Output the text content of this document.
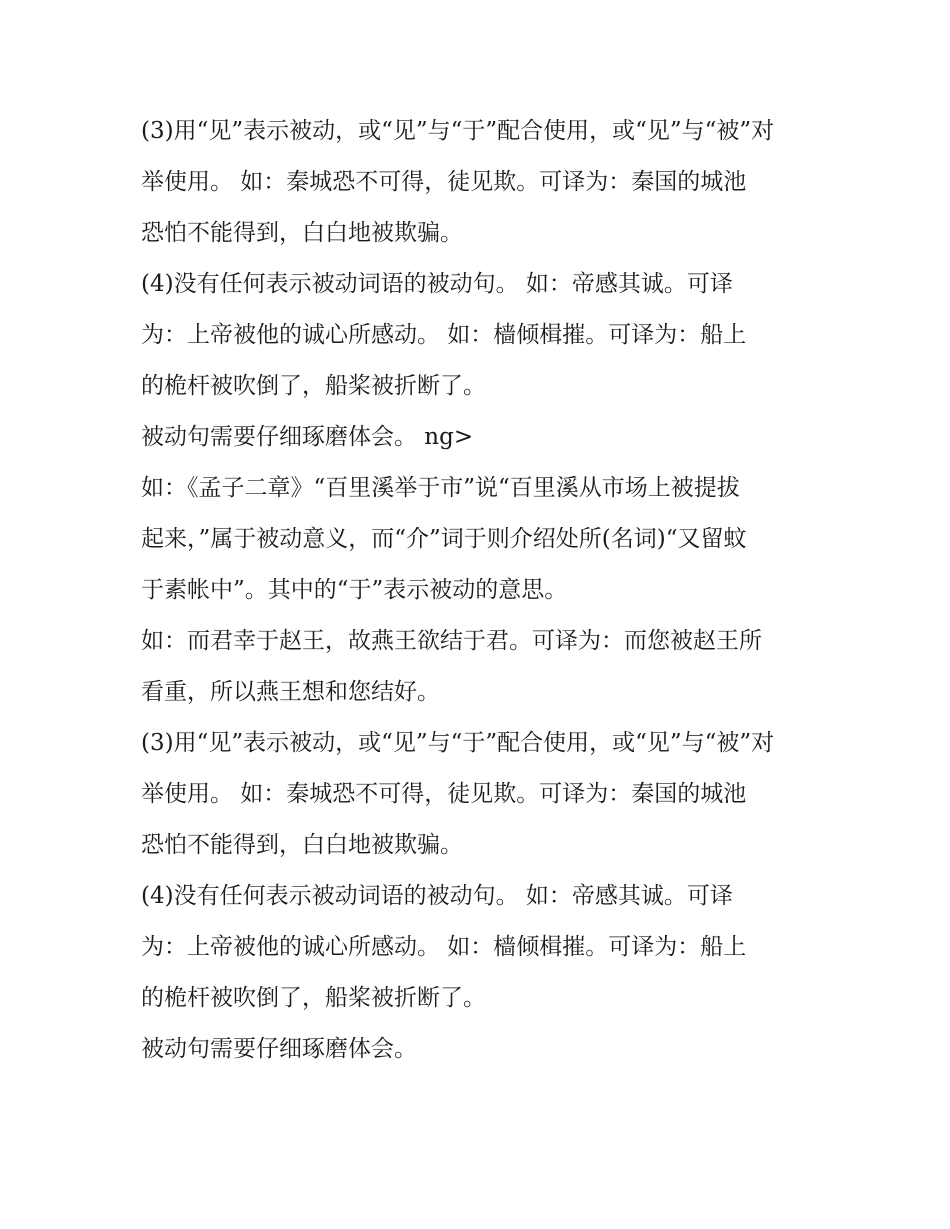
(3)用“见”表示被动，或“见”与“于”配合使用，或“见”与“被”对
举使用。 如：秦城恐不可得，徒见欺。可译为：秦国的城池
恐怕不能得到，白白地被欺骗。
(4)没有任何表示被动词语的被动句。 如：帝感其诚。可译
为：上帝被他的诚心所感动。 如：樯倾楫摧。可译为：船上
的桅杆被吹倒了，船桨被折断了。
被动句需要仔细琢磨体会。 ng>
如：《孟子二章》“百里溪举于市”说“百里溪从市场上被提拔
起来，”属于被动意义，而“介”词于则介绍处所(名词)“又留蚊
于素帐中”。其中的“于”表示被动的意思。
如：而君幸于赵王，故燕王欲结于君。可译为：而您被赵王所
看重，所以燕王想和您结好。
(3)用“见”表示被动，或“见”与“于”配合使用，或“见”与“被”对
举使用。 如：秦城恐不可得，徒见欺。可译为：秦国的城池
恐怕不能得到，白白地被欺骗。
(4)没有任何表示被动词语的被动句。 如：帝感其诚。可译
为：上帝被他的诚心所感动。 如：樯倾楫摧。可译为：船上
的桅杆被吹倒了，船桨被折断了。
被动句需要仔细琢磨体会。
